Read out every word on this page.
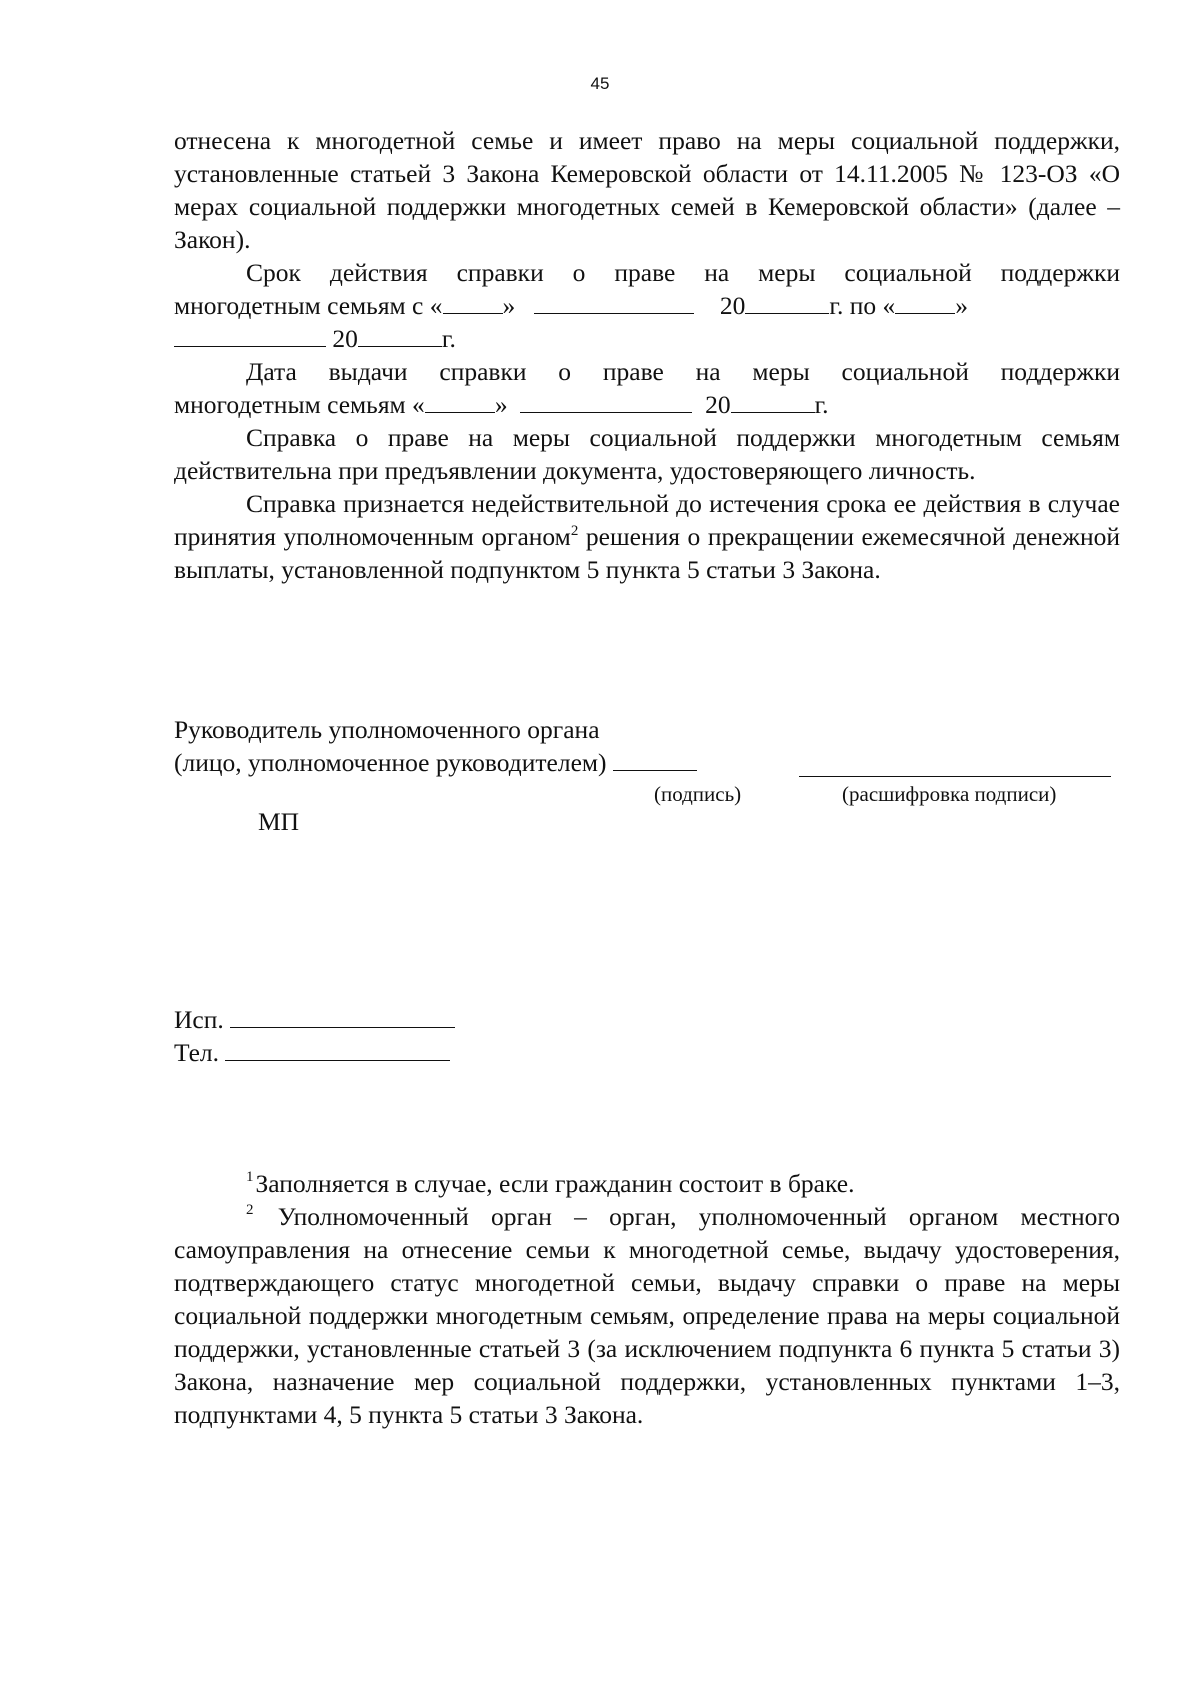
45

отнесена к многодетной семье и имеет право на меры социальной поддержки, установленные статьей 3 Закона Кемеровской области от 14.11.2005 № 123-ОЗ «О мерах социальной поддержки многодетных семей в Кемеровской области» (далее – Закон).

Срок действия справки о праве на меры социальной поддержки

многодетным семьям с « »	20	г. по « »

20	г.

Дата выдачи справки о праве на меры социальной поддержки

многодетным семьям «	»	20	г.

Справка о праве на меры социальной поддержки многодетным семьям действительна при предъявлении документа, удостоверяющего личность.

Справка признается недействительной до истечения срока ее действия в случае принятия уполномоченным органом$^2$ решения о прекращении ежемесячной денежной выплаты, установленной подпунктом 5 пункта 5 статьи 3 Закона.

Руководитель уполномоченного органа

(лицо, уполномоченное руководителем)

(подпись)	(расшифровка подписи)
МП

Исп.

Тел.

$^1$Заполняется в случае, если гражданин состоит в браке.

$^2$ Уполномоченный орган – орган, уполномоченный органом местного самоуправления на отнесение семьи к многодетной семье, выдачу удостоверения, подтверждающего статус многодетной семьи, выдачу справки о праве на меры социальной поддержки многодетным семьям, определение права на меры социальной поддержки, установленные статьей 3 (за исключением подпункта 6 пункта 5 статьи 3) Закона, назначение мер социальной поддержки, установленных пунктами 1–3, подпунктами 4, 5 пункта 5 статьи 3 Закона.
